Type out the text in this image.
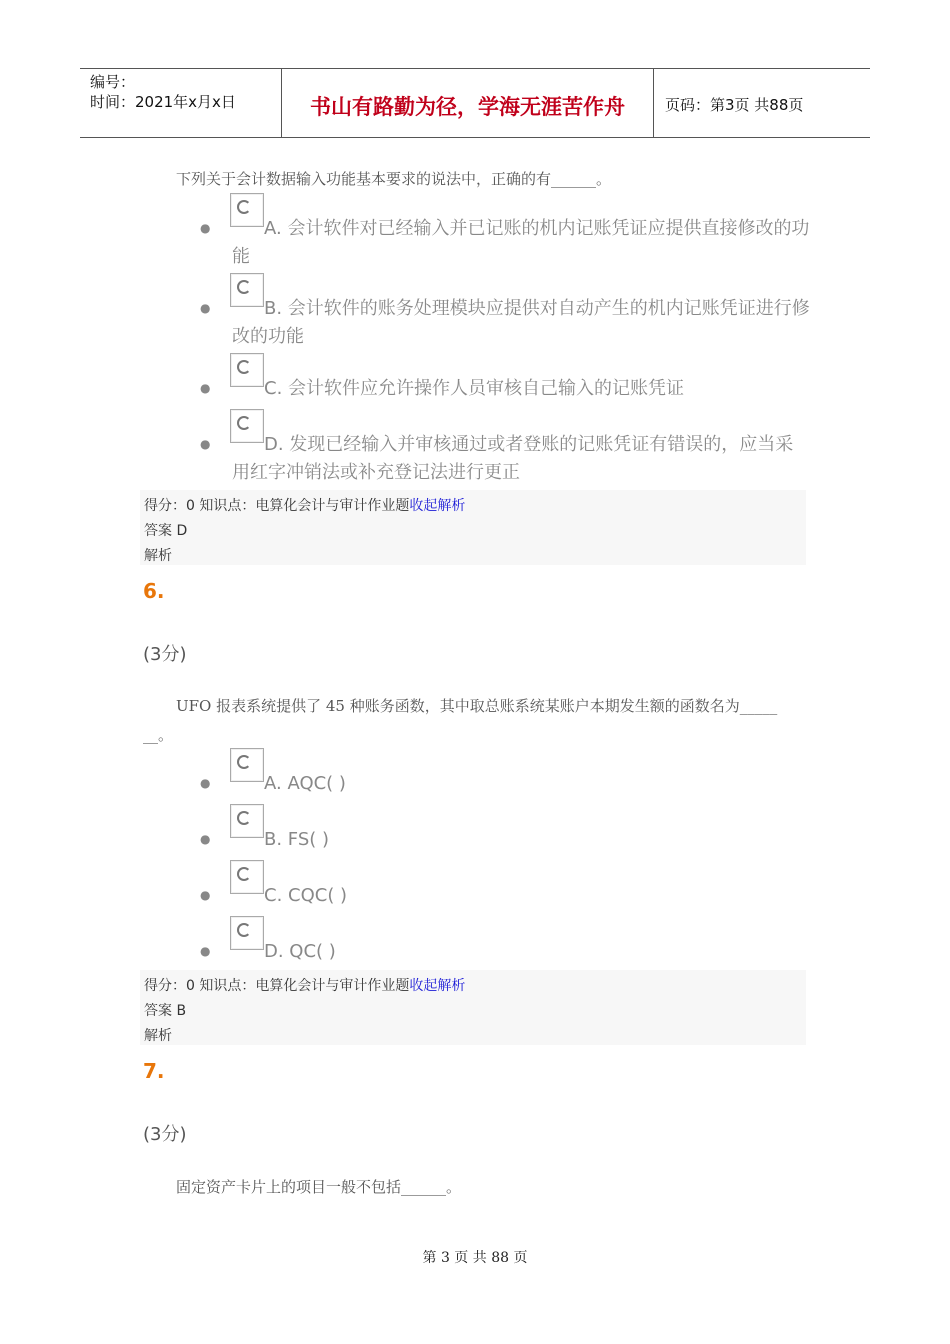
编号：
时间：2021年x月x日	书山有路勤为径，学海无涯苦作舟	页码：第3页 共88页
下列关于会计数据输入功能基本要求的说法中，正确的有______。
●	A. 会计软件对已经输入并已记账的机内记账凭证应提供直接修改的功能
●	B. 会计软件的账务处理模块应提供对自动产生的机内记账凭证进行修改的功能
●	C. 会计软件应允许操作人员审核自己输入的记账凭证
●	D. 发现已经输入并审核通过或者登账的记账凭证有错误的，应当采用红字冲销法或补充登记法进行更正
得分：0 知识点：电算化会计与审计作业题收起解析
答案 D
解析
6.
(3分)
UFO 报表系统提供了 45 种账务函数，其中取总账系统某账户本期发生额的函数名为_____
__。
●	A. AQC( )
●	B. FS( )
●	C. CQC( )
●	D. QC( )
得分：0 知识点：电算化会计与审计作业题收起解析
答案 B
解析
7.
(3分)
固定资产卡片上的项目一般不包括______。
第 3 页 共 88 页
